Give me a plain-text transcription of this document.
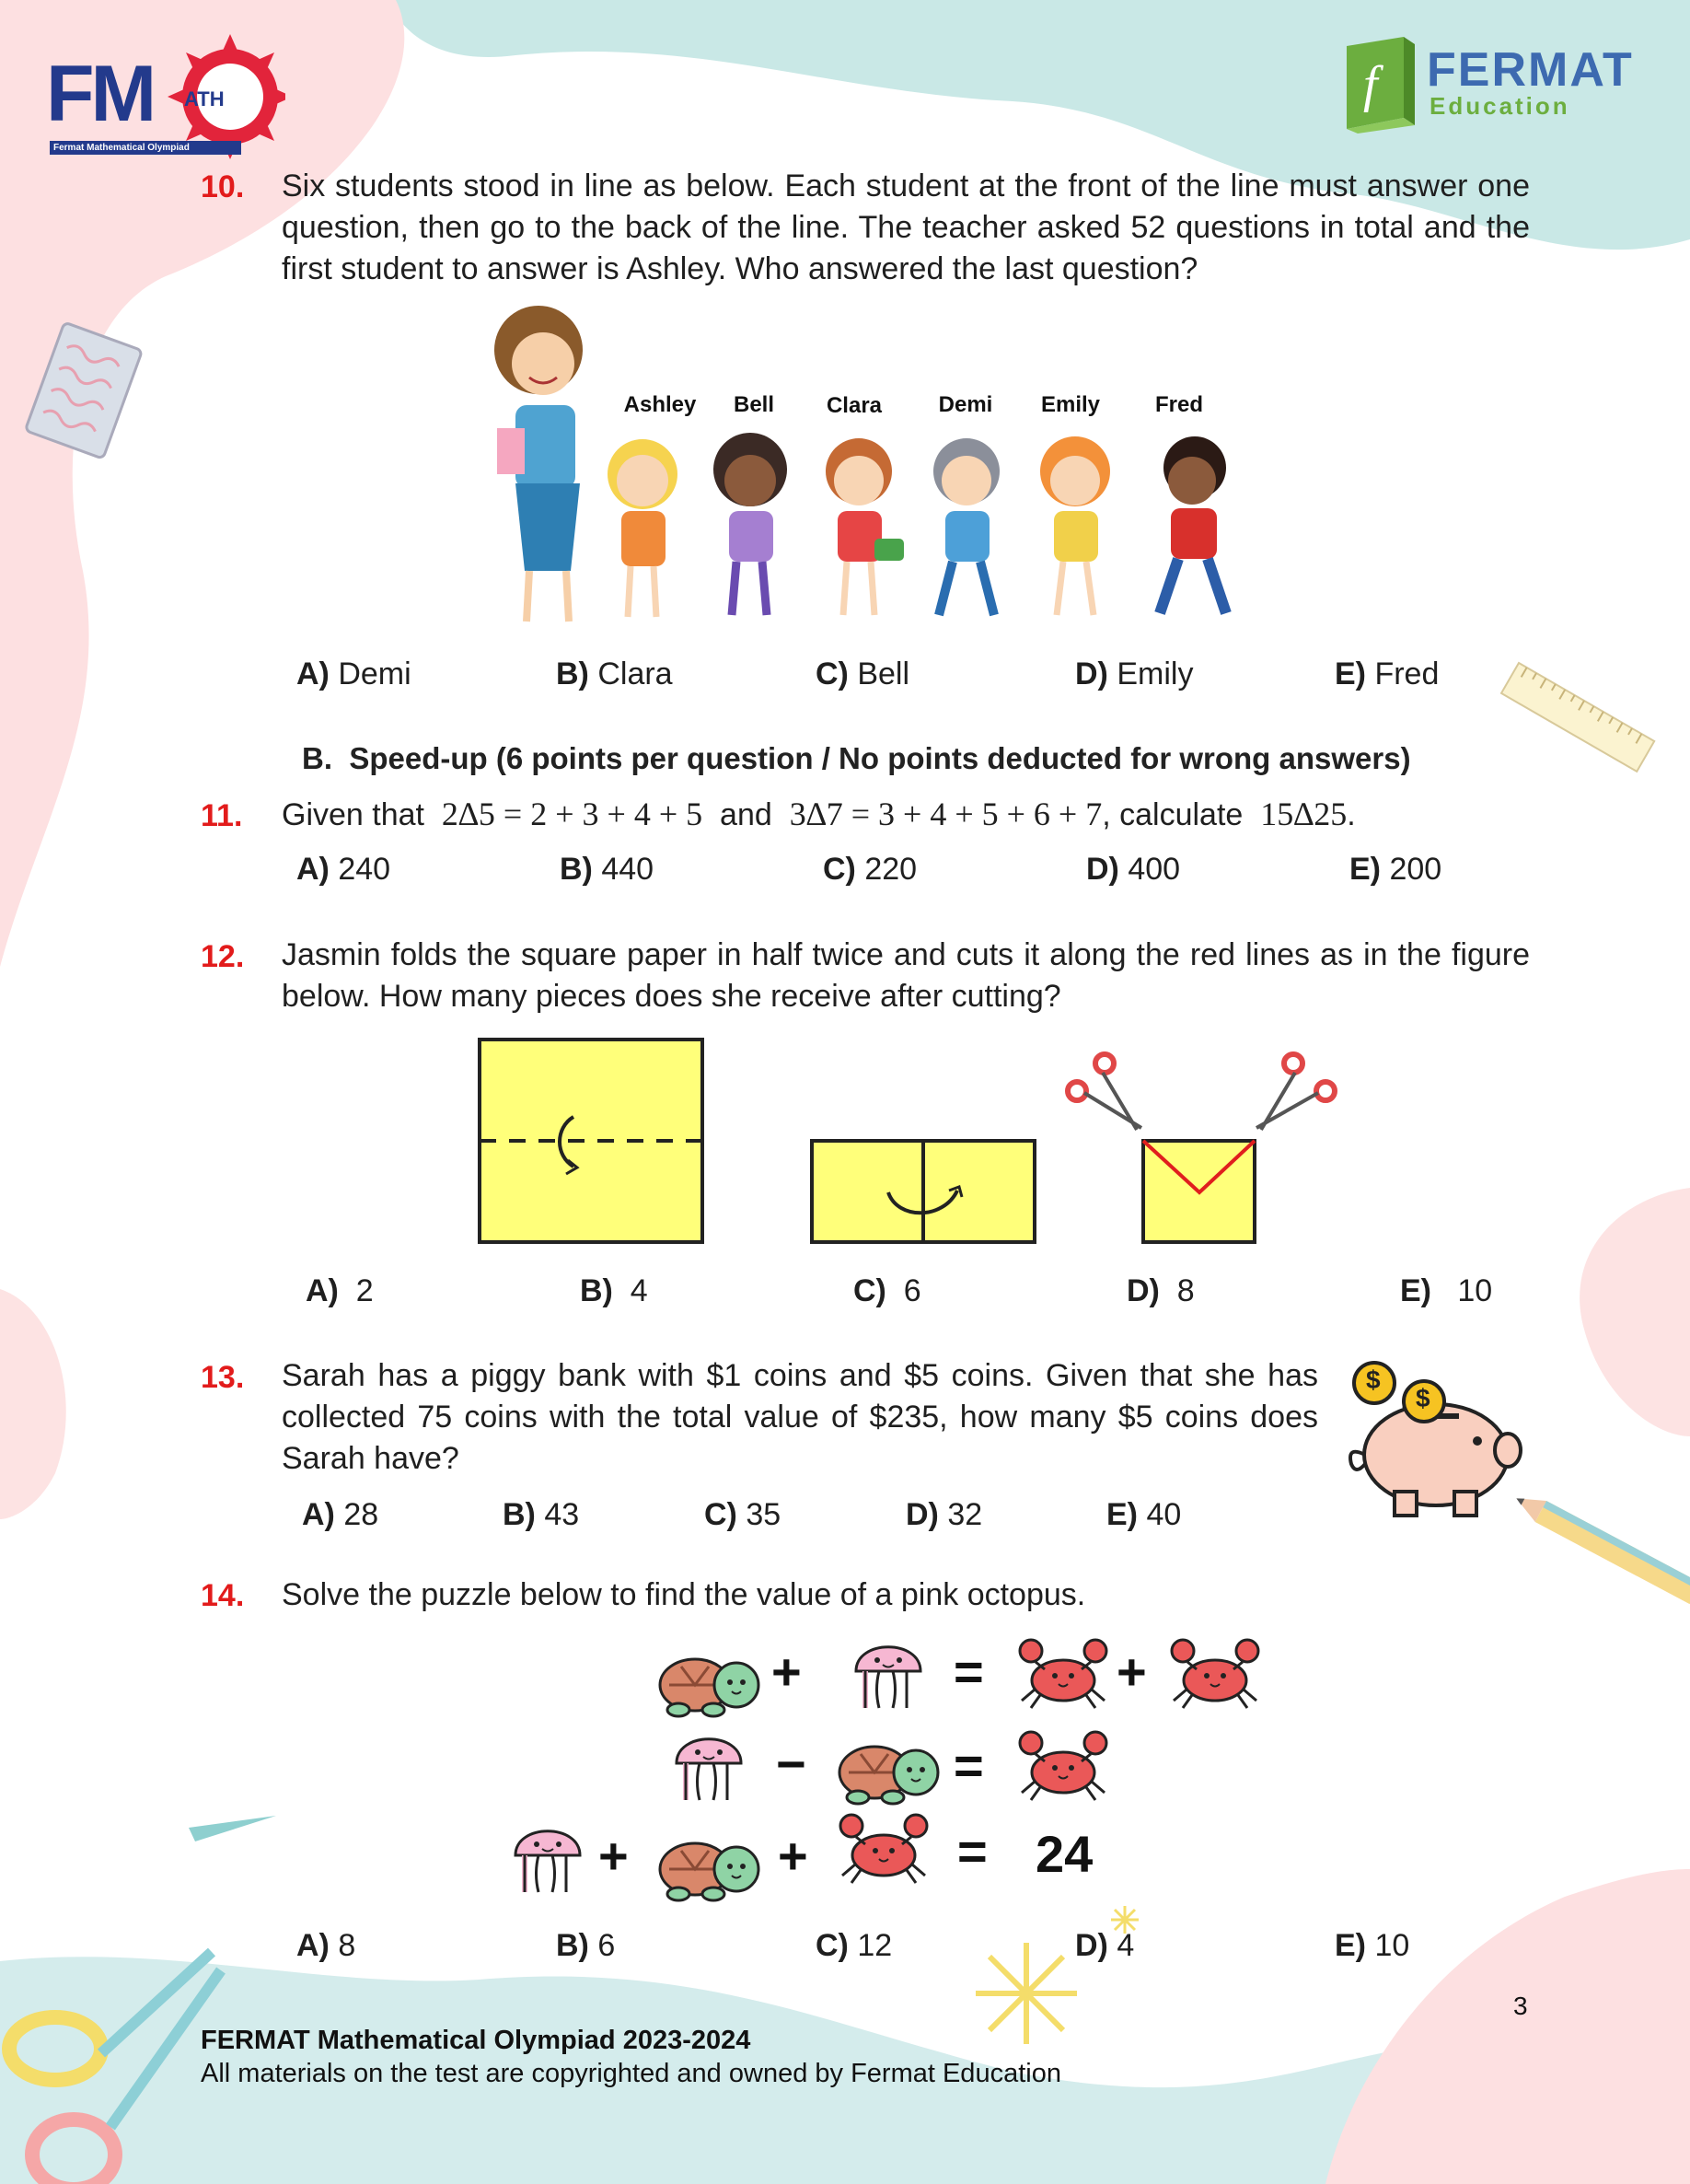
FM ATH
Fermat Mathematical Olympiad
f FERMAT
Education
10. Six students stood in line as below. Each student at the front of the line must answer one question, then go to the back of the line. The teacher asked 52 questions in total and the first student to answer is Ashley. Who answered the last question?
Ashley	Bell	Clara	Demi	Emily	Fred
A) Demi	B) Clara	C) Bell	D) Emily	E) Fred
B. Speed-up (6 points per question / No points deducted for wrong answers)
11. Given that 2∆5 = 2 + 3 + 4 + 5 and 3∆7 = 3 + 4 + 5 + 6 + 7, calculate 15∆25.
A) 240	B) 440	C) 220	D) 400	E) 200
12. Jasmin folds the square paper in half twice and cuts it along the red lines as in the figure below. How many pieces does she receive after cutting?
A) 2	B) 4	C) 6	D) 8	E) 10
13. Sarah has a piggy bank with $1 coins and $5 coins. Given that she has collected 75 coins with the total value of $235, how many $5 coins does Sarah have?
$
$
A) 28	B) 43	C) 35	D) 32	E) 40
14. Solve the puzzle below to find the value of a pink octopus.
+	=	+
−	=
+	+	= 24
A) 8	B) 6	C) 12	D) 4	E) 10
3
FERMAT Mathematical Olympiad 2023-2024
All materials on the test are copyrighted and owned by Fermat Education
